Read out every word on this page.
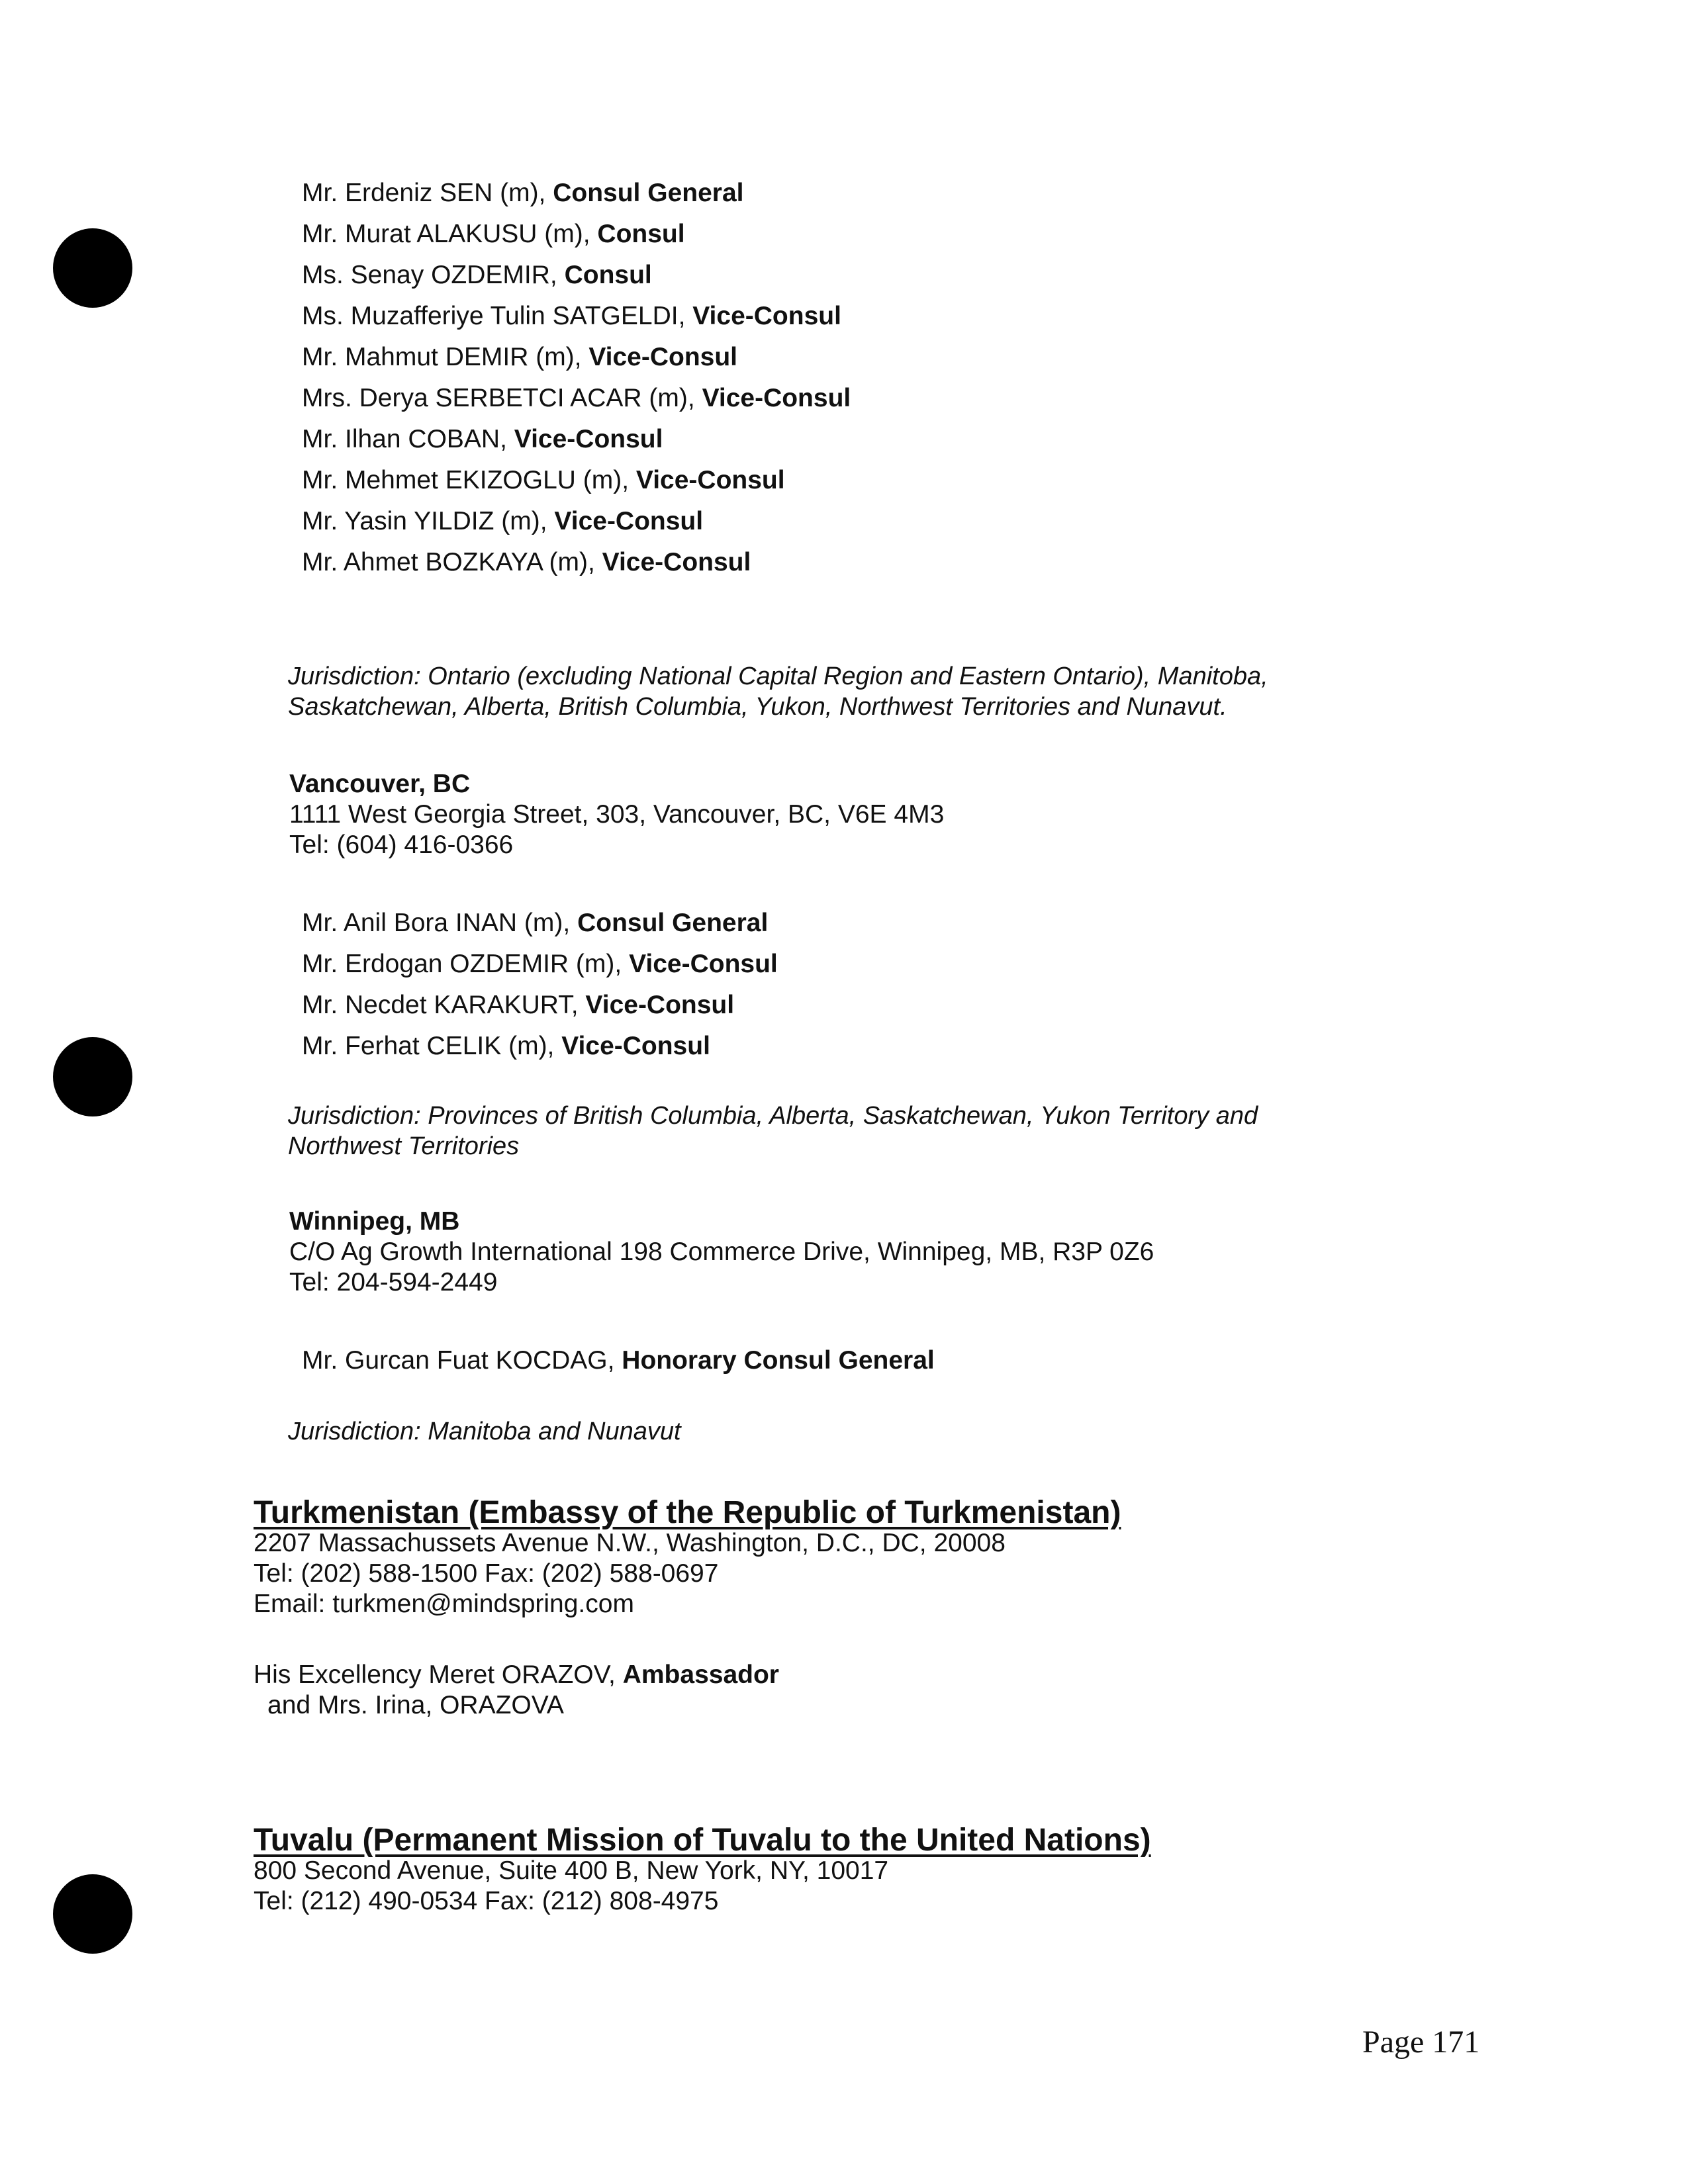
Mr. Erdeniz SEN (m), Consul General
Mr. Murat ALAKUSU (m), Consul
Ms. Senay OZDEMIR, Consul
Ms. Muzafferiye Tulin SATGELDI, Vice-Consul
Mr. Mahmut DEMIR (m), Vice-Consul
Mrs. Derya SERBETCI ACAR (m), Vice-Consul
Mr. Ilhan COBAN, Vice-Consul
Mr. Mehmet EKIZOGLU (m), Vice-Consul
Mr. Yasin YILDIZ (m), Vice-Consul
Mr. Ahmet BOZKAYA (m), Vice-Consul
Jurisdiction: Ontario (excluding National Capital Region and Eastern Ontario), Manitoba,
Saskatchewan, Alberta, British Columbia, Yukon, Northwest Territories and Nunavut.
Vancouver, BC
1111 West Georgia Street, 303, Vancouver, BC, V6E 4M3
Tel: (604) 416-0366
Mr. Anil Bora INAN (m), Consul General
Mr. Erdogan OZDEMIR (m), Vice-Consul
Mr. Necdet KARAKURT, Vice-Consul
Mr. Ferhat CELIK (m), Vice-Consul
Jurisdiction: Provinces of British Columbia, Alberta, Saskatchewan, Yukon Territory and
Northwest Territories
Winnipeg, MB
C/O Ag Growth International 198 Commerce Drive, Winnipeg, MB, R3P 0Z6
Tel: 204-594-2449
Mr. Gurcan Fuat KOCDAG, Honorary Consul General
Jurisdiction: Manitoba and Nunavut
Turkmenistan (Embassy of the Republic of Turkmenistan)
2207 Massachussets Avenue N.W., Washington, D.C., DC, 20008
Tel: (202) 588-1500 Fax: (202) 588-0697
Email: turkmen@mindspring.com
His Excellency Meret ORAZOV, Ambassador
and Mrs. Irina, ORAZOVA
Tuvalu (Permanent Mission of Tuvalu to the United Nations)
800 Second Avenue, Suite 400 B, New York, NY, 10017
Tel: (212) 490-0534 Fax: (212) 808-4975
Page 171
